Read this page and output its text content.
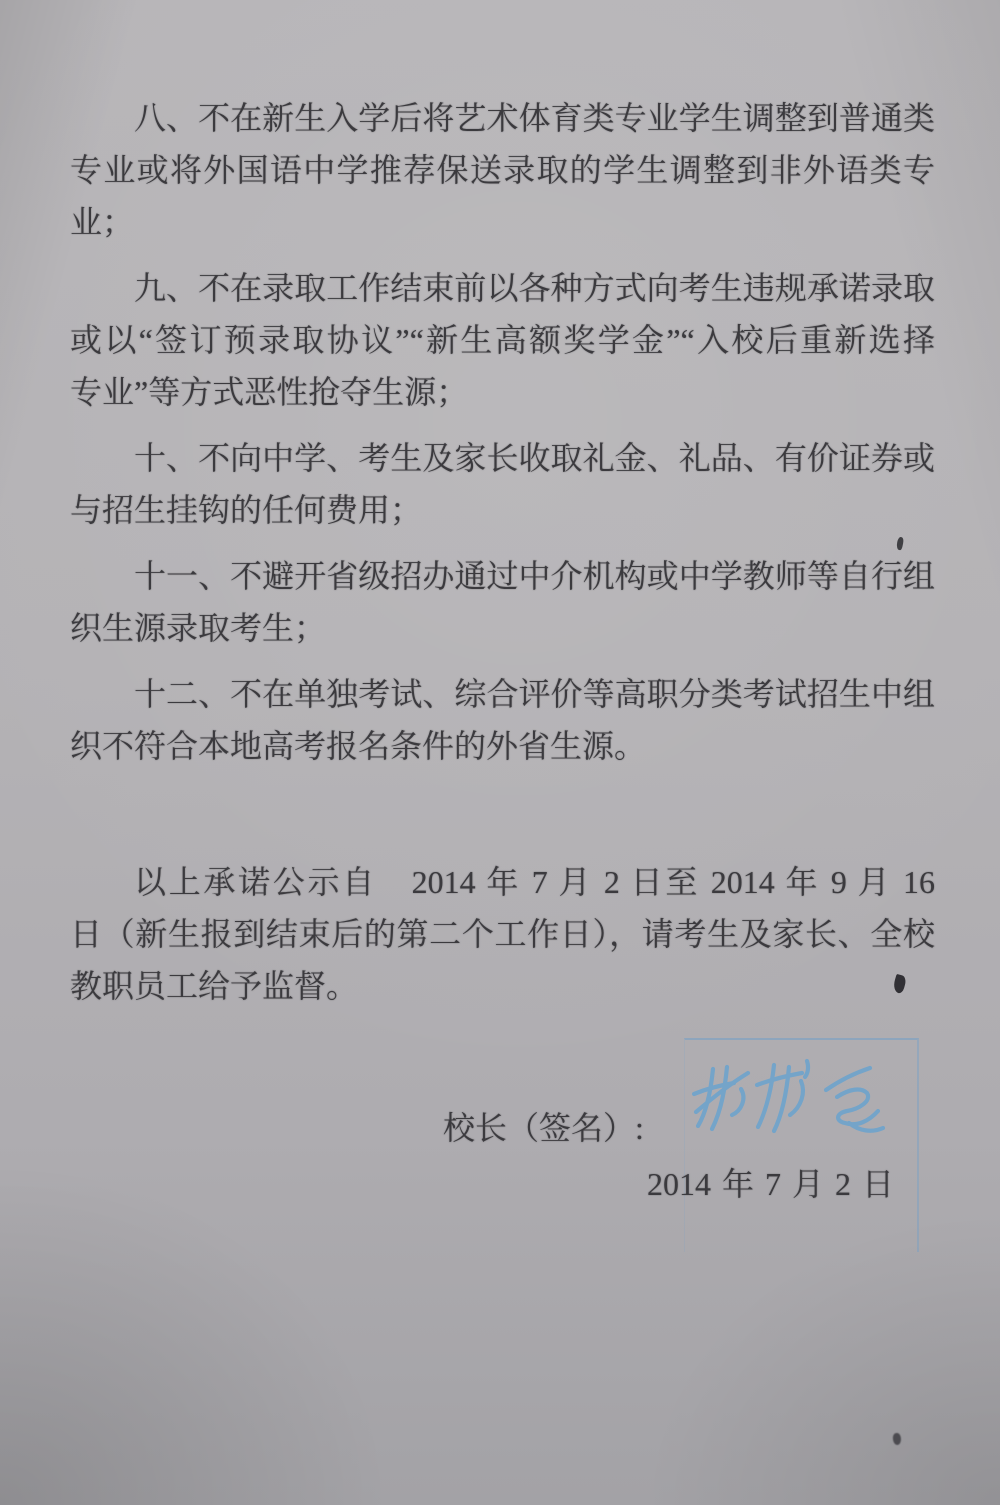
八、不在新生入学后将艺术体育类专业学生调整到普通类
专业或将外国语中学推荐保送录取的学生调整到非外语类专
业；
九、不在录取工作结束前以各种方式向考生违规承诺录取
或以“签订预录取协议”“新生高额奖学金”“入校后重新选择
专业”等方式恶性抢夺生源；
十、不向中学、考生及家长收取礼金、礼品、有价证券或
与招生挂钩的任何费用；
十一、不避开省级招办通过中介机构或中学教师等自行组
织生源录取考生；
十二、不在单独考试、综合评价等高职分类考试招生中组
织不符合本地高考报名条件的外省生源。
以上承诺公示自　2014 年 7 月 2 日至 2014 年 9 月 16
日（新生报到结束后的第二个工作日），请考生及家长、全校
教职员工给予监督。
校长（签名）:
2014 年 7 月 2 日
